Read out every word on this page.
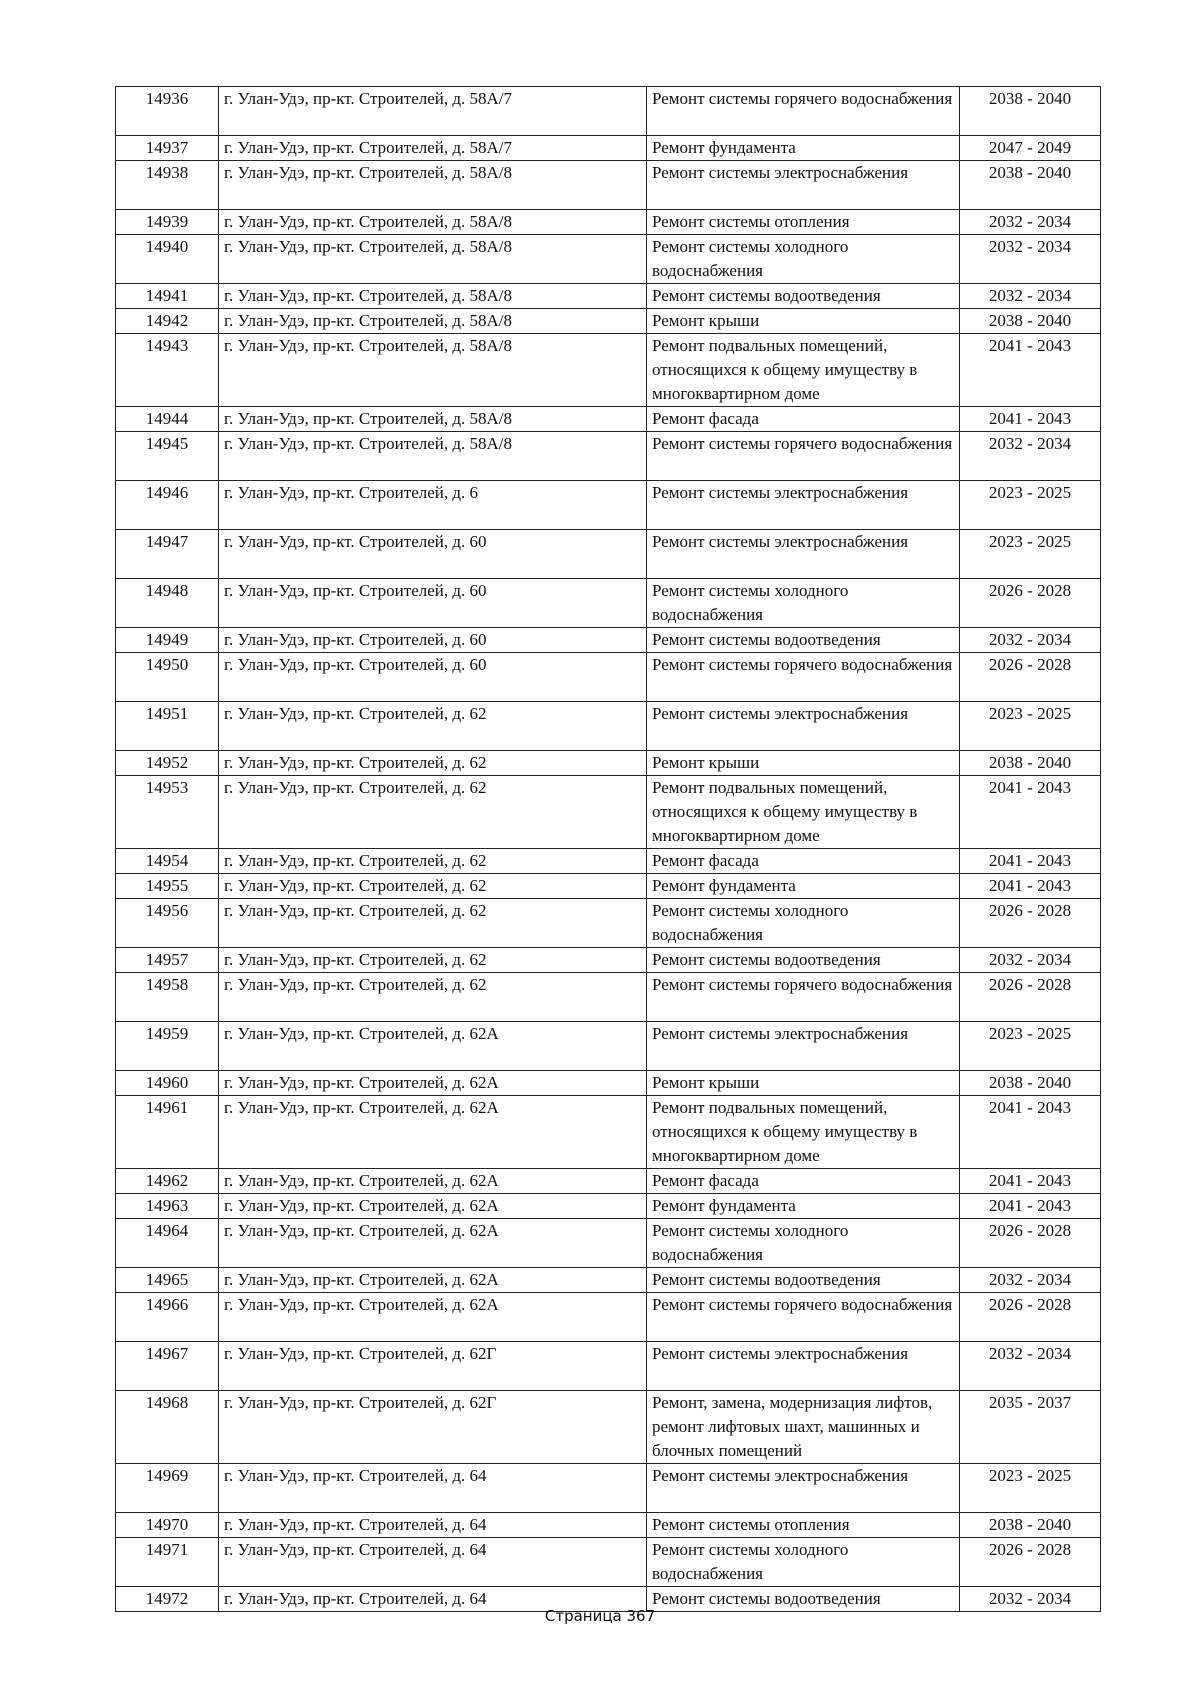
14936	г. Улан-Удэ, пр-кт. Строителей, д. 58А/7	Ремонт системы горячего водоснабжения	2038 - 2040
14937	г. Улан-Удэ, пр-кт. Строителей, д. 58А/7	Ремонт фундамента	2047 - 2049
14938	г. Улан-Удэ, пр-кт. Строителей, д. 58А/8	Ремонт системы электроснабжения	2038 - 2040
14939	г. Улан-Удэ, пр-кт. Строителей, д. 58А/8	Ремонт системы отопления	2032 - 2034
14940	г. Улан-Удэ, пр-кт. Строителей, д. 58А/8	Ремонт системы холодного водоснабжения	2032 - 2034
14941	г. Улан-Удэ, пр-кт. Строителей, д. 58А/8	Ремонт системы водоотведения	2032 - 2034
14942	г. Улан-Удэ, пр-кт. Строителей, д. 58А/8	Ремонт крыши	2038 - 2040
14943	г. Улан-Удэ, пр-кт. Строителей, д. 58А/8	Ремонт подвальных помещений, относящихся к общему имуществу в многоквартирном доме	2041 - 2043
14944	г. Улан-Удэ, пр-кт. Строителей, д. 58А/8	Ремонт фасада	2041 - 2043
14945	г. Улан-Удэ, пр-кт. Строителей, д. 58А/8	Ремонт системы горячего водоснабжения	2032 - 2034
14946	г. Улан-Удэ, пр-кт. Строителей, д. 6	Ремонт системы электроснабжения	2023 - 2025
14947	г. Улан-Удэ, пр-кт. Строителей, д. 60	Ремонт системы электроснабжения	2023 - 2025
14948	г. Улан-Удэ, пр-кт. Строителей, д. 60	Ремонт системы холодного водоснабжения	2026 - 2028
14949	г. Улан-Удэ, пр-кт. Строителей, д. 60	Ремонт системы водоотведения	2032 - 2034
14950	г. Улан-Удэ, пр-кт. Строителей, д. 60	Ремонт системы горячего водоснабжения	2026 - 2028
14951	г. Улан-Удэ, пр-кт. Строителей, д. 62	Ремонт системы электроснабжения	2023 - 2025
14952	г. Улан-Удэ, пр-кт. Строителей, д. 62	Ремонт крыши	2038 - 2040
14953	г. Улан-Удэ, пр-кт. Строителей, д. 62	Ремонт подвальных помещений, относящихся к общему имуществу в многоквартирном доме	2041 - 2043
14954	г. Улан-Удэ, пр-кт. Строителей, д. 62	Ремонт фасада	2041 - 2043
14955	г. Улан-Удэ, пр-кт. Строителей, д. 62	Ремонт фундамента	2041 - 2043
14956	г. Улан-Удэ, пр-кт. Строителей, д. 62	Ремонт системы холодного водоснабжения	2026 - 2028
14957	г. Улан-Удэ, пр-кт. Строителей, д. 62	Ремонт системы водоотведения	2032 - 2034
14958	г. Улан-Удэ, пр-кт. Строителей, д. 62	Ремонт системы горячего водоснабжения	2026 - 2028
14959	г. Улан-Удэ, пр-кт. Строителей, д. 62А	Ремонт системы электроснабжения	2023 - 2025
14960	г. Улан-Удэ, пр-кт. Строителей, д. 62А	Ремонт крыши	2038 - 2040
14961	г. Улан-Удэ, пр-кт. Строителей, д. 62А	Ремонт подвальных помещений, относящихся к общему имуществу в многоквартирном доме	2041 - 2043
14962	г. Улан-Удэ, пр-кт. Строителей, д. 62А	Ремонт фасада	2041 - 2043
14963	г. Улан-Удэ, пр-кт. Строителей, д. 62А	Ремонт фундамента	2041 - 2043
14964	г. Улан-Удэ, пр-кт. Строителей, д. 62А	Ремонт системы холодного водоснабжения	2026 - 2028
14965	г. Улан-Удэ, пр-кт. Строителей, д. 62А	Ремонт системы водоотведения	2032 - 2034
14966	г. Улан-Удэ, пр-кт. Строителей, д. 62А	Ремонт системы горячего водоснабжения	2026 - 2028
14967	г. Улан-Удэ, пр-кт. Строителей, д. 62Г	Ремонт системы электроснабжения	2032 - 2034
14968	г. Улан-Удэ, пр-кт. Строителей, д. 62Г	Ремонт, замена, модернизация лифтов, ремонт лифтовых шахт, машинных и блочных помещений	2035 - 2037
14969	г. Улан-Удэ, пр-кт. Строителей, д. 64	Ремонт системы электроснабжения	2023 - 2025
14970	г. Улан-Удэ, пр-кт. Строителей, д. 64	Ремонт системы отопления	2038 - 2040
14971	г. Улан-Удэ, пр-кт. Строителей, д. 64	Ремонт системы холодного водоснабжения	2026 - 2028
14972	г. Улан-Удэ, пр-кт. Строителей, д. 64	Ремонт системы водоотведения	2032 - 2034
Страница 367
